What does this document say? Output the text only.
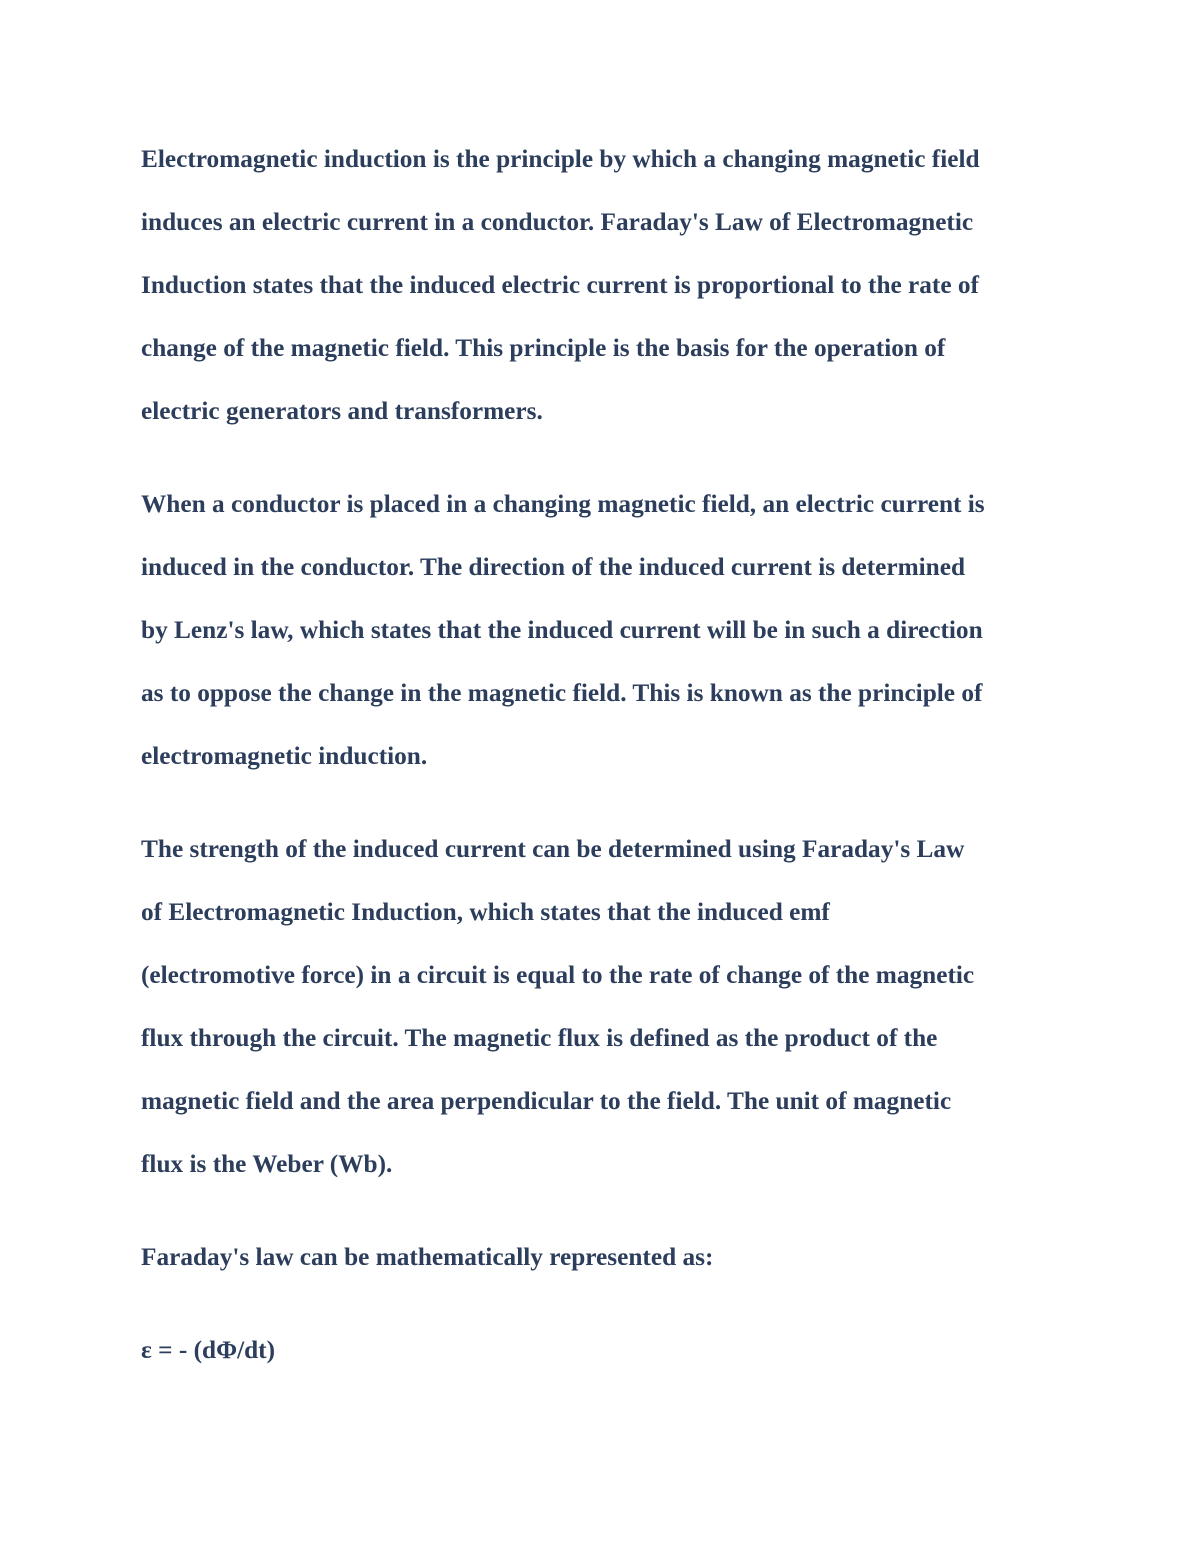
Electromagnetic induction is the principle by which a changing magnetic field
induces an electric current in a conductor. Faraday's Law of Electromagnetic
Induction states that the induced electric current is proportional to the rate of
change of the magnetic field. This principle is the basis for the operation of
electric generators and transformers.

When a conductor is placed in a changing magnetic field, an electric current is
induced in the conductor. The direction of the induced current is determined
by Lenz's law, which states that the induced current will be in such a direction
as to oppose the change in the magnetic field. This is known as the principle of
electromagnetic induction.

The strength of the induced current can be determined using Faraday's Law
of Electromagnetic Induction, which states that the induced emf
(electromotive force) in a circuit is equal to the rate of change of the magnetic
flux through the circuit. The magnetic flux is defined as the product of the
magnetic field and the area perpendicular to the field. The unit of magnetic
flux is the Weber (Wb).

Faraday's law can be mathematically represented as:

ε = - (dΦ/dt)
